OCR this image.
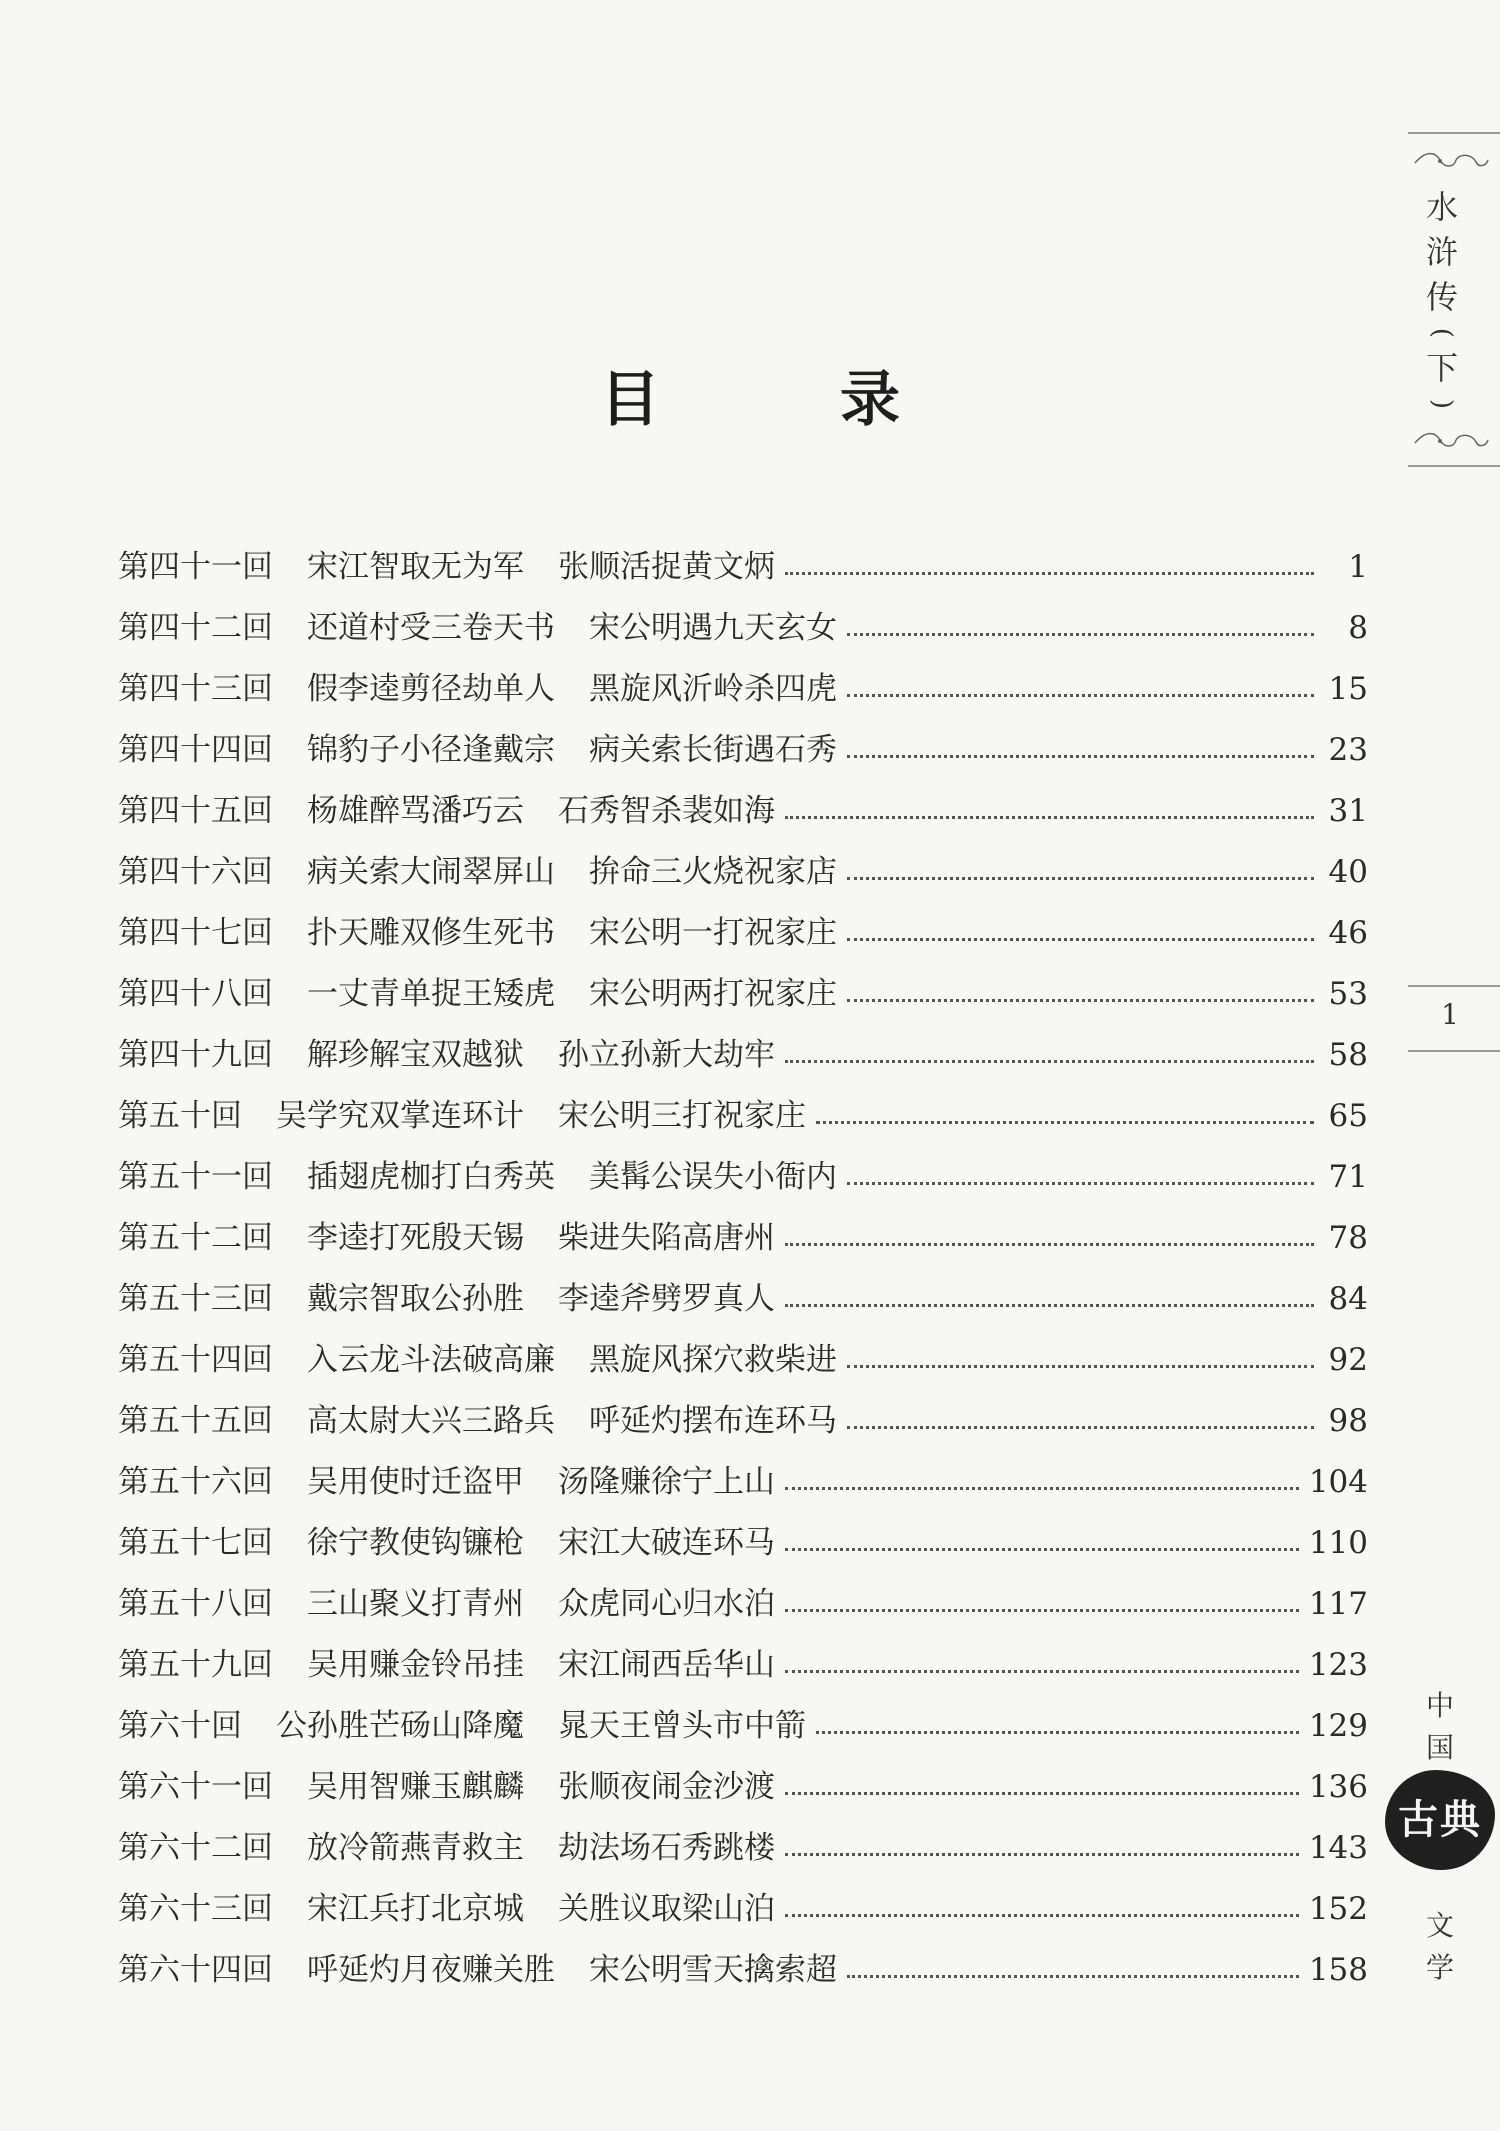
目	录
第四十一回 宋江智取无为军 张顺活捉黄文炳	1
第四十二回 还道村受三卷天书 宋公明遇九天玄女	8
第四十三回 假李逵剪径劫单人 黑旋风沂岭杀四虎	15
第四十四回 锦豹子小径逢戴宗 病关索长街遇石秀	23
第四十五回 杨雄醉骂潘巧云 石秀智杀裴如海	31
第四十六回 病关索大闹翠屏山 拚命三火烧祝家店	40
第四十七回 扑天雕双修生死书 宋公明一打祝家庄	46
第四十八回 一丈青单捉王矮虎 宋公明两打祝家庄	53
第四十九回 解珍解宝双越狱 孙立孙新大劫牢	58
第五十回 吴学究双掌连环计 宋公明三打祝家庄	65
第五十一回 插翅虎枷打白秀英 美髯公误失小衙内	71
第五十二回 李逵打死殷天锡 柴进失陷高唐州	78
第五十三回 戴宗智取公孙胜 李逵斧劈罗真人	84
第五十四回 入云龙斗法破高廉 黑旋风探穴救柴进	92
第五十五回 高太尉大兴三路兵 呼延灼摆布连环马	98
第五十六回 吴用使时迁盗甲 汤隆赚徐宁上山	104
第五十七回 徐宁教使钩镰枪 宋江大破连环马	110
第五十八回 三山聚义打青州 众虎同心归水泊	117
第五十九回 吴用赚金铃吊挂 宋江闹西岳华山	123
第六十回 公孙胜芒砀山降魔 晁天王曾头市中箭	129
第六十一回 吴用智赚玉麒麟 张顺夜闹金沙渡	136
第六十二回 放冷箭燕青救主 劫法场石秀跳楼	143
第六十三回 宋江兵打北京城 关胜议取梁山泊	152
第六十四回 呼延灼月夜赚关胜 宋公明雪天擒索超	158
水
浒
传
(
下
)
1
中
国
古典
文
学
